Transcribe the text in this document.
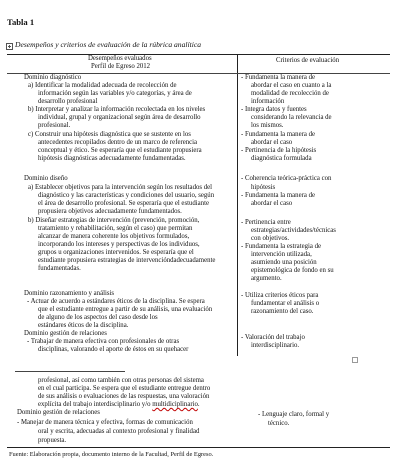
Tabla 1
Desempeños y criterios de evaluación de la rúbrica analítica
Desempeños evaluados
Perfil de Egreso 2012
Criterios de evaluación
Dominio diagnóstico
a) Identificar la modalidad adecuada de recolección de
información según las variables y/o categorías, y área de
desarrollo profesional
b) Interpretar y analizar la información recolectada en los niveles
individual, grupal y organizacional según área de desarrollo
profesional.
c) Construir una hipótesis diagnóstica que se sustente en los
antecedentes recopilados dentro de un marco de referencia
conceptual y ético. Se esperaría que el estudiante propusiera
hipótesis diagnósticas adecuadamente fundamentadas.
Dominio diseño
a) Establecer objetivos para la intervención según los resultados del
diagnóstico y las características y condiciones del usuario, según
el área de desarrollo profesional. Se esperaría que el estudiante
propusiera objetivos adecuadamente fundamentados.
b) Diseñar estrategias de intervención (prevención, promoción,
tratamiento y rehabilitación, según el caso) que permitan
alcanzar de manera coherente los objetivos formulados,
incorporando los intereses y perspectivas de los individuos,
grupos u organizaciones intervenidos. Se esperaría que el
estudiante propusiera estrategias de intervencióndadecuadamente
fundamentadas.
Dominio razonamiento y análisis
- Actuar de acuerdo a estándares éticos de la disciplina. Se espera
que el estudiante entregue a partir de su análisis, una evaluación
de alguno de los aspectos del caso desde los
estándares éticos de la disciplina.
Dominio gestión de relaciones
- Trabajar de manera efectiva con profesionales de otras
disciplinas, valorando el aporte de éstos en su quehacer
- Fundamenta la manera de
abordar el caso en cuanto a la
modalidad de recolección de
información
- Integra datos y fuentes
considerando la relevancia de
los mismos.
- Fundamenta la manera de
abordar el caso
- Pertinencia de la hipótesis
diagnóstica formulada
- Coherencia teórica-práctica con
hipótesis
- Fundamenta la manera de
abordar el caso
- Pertinencia entre
estrategias/actividades/técnicas
con objetivos.
- Fundamenta la estrategia de
intervención utilizada,
asumiendo una posición
epistemológica de fondo en su
argumento.
- Utiliza criterios éticos para
fundamentar el análisis o
razonamiento del caso.
- Valoración del trabajo
interdisciplinario.
profesional, así como también con otras personas del sistema
en el cual participa. Se espera que el estudiante entregue dentro
de sus análisis o evaluaciones de las respuestas, una valoración
explícita del trabajo interdisciplinario y/o multidiciplinario.
Dominio gestión de relaciones
- Manejar de manera técnica y efectiva, formas de comunicación
oral y escrita, adecuadas al contexto profesional y finalidad
propuesta.
- Lenguaje claro, formal y
técnico.
Fuente: Elaboración propia, documento interno de la Facultad, Perfil de Egreso.
